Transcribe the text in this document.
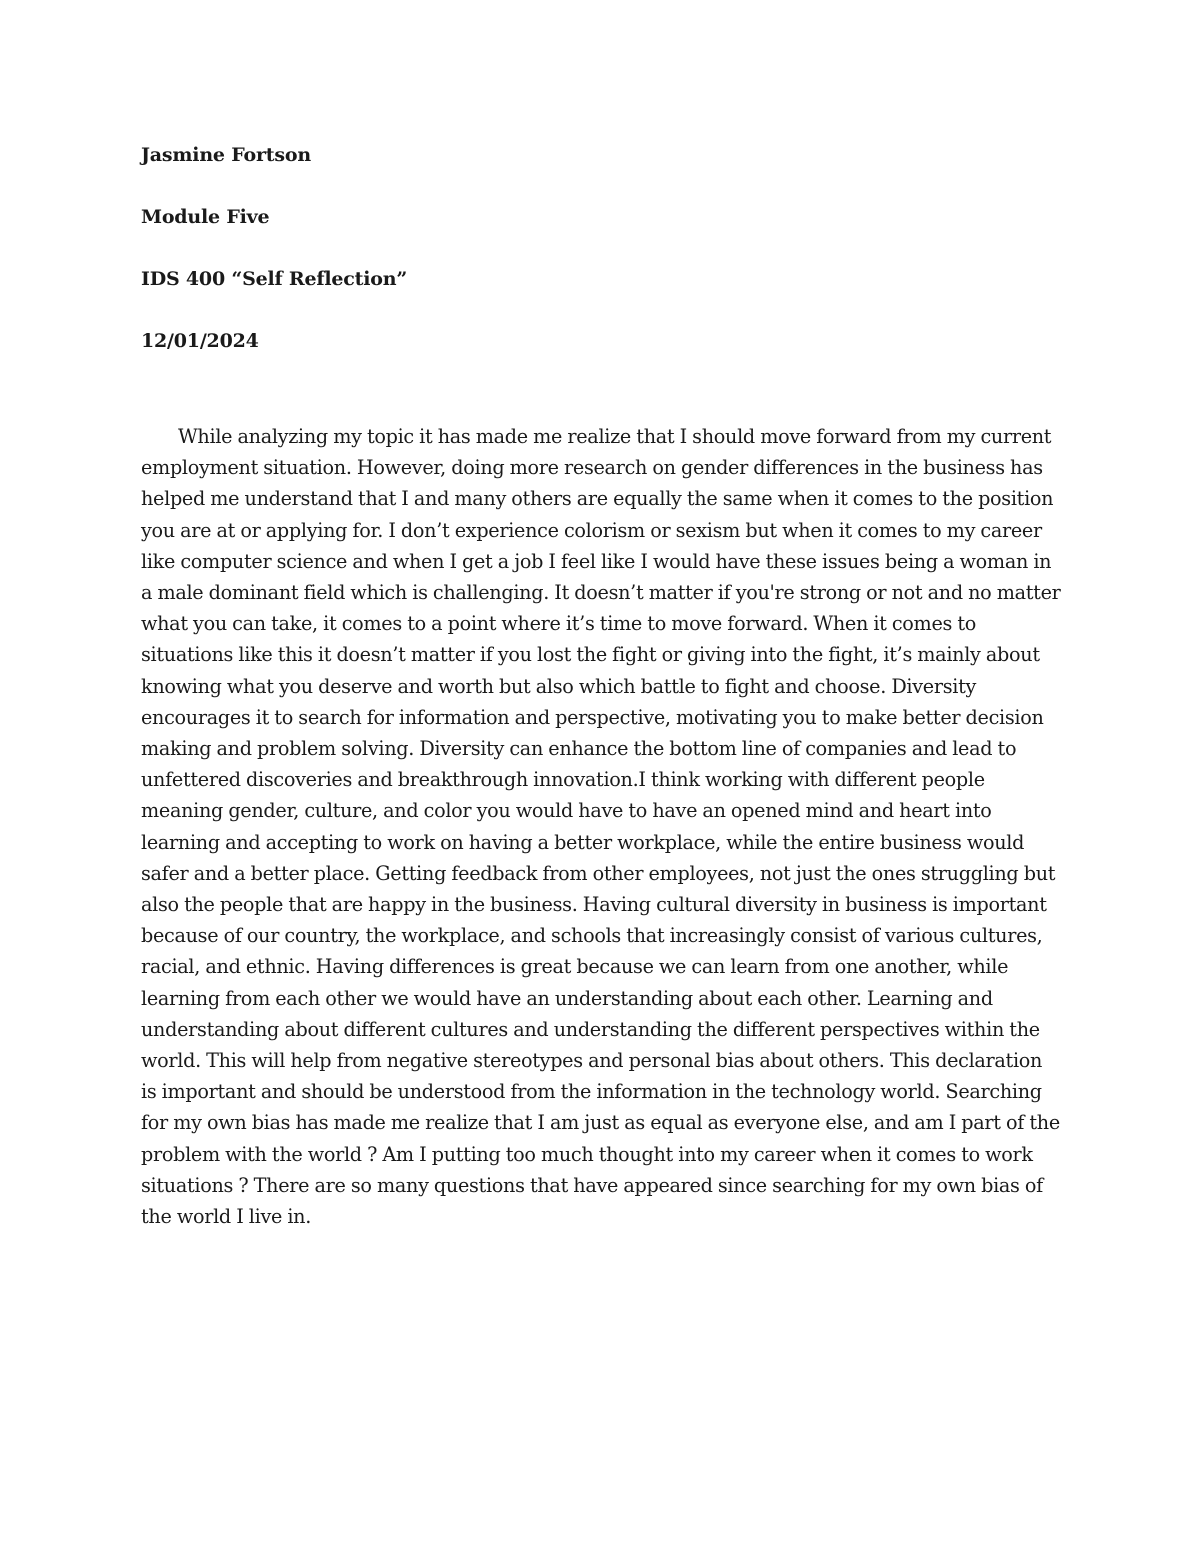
Jasmine Fortson

Module Five

IDS 400 “Self Reflection”

12/01/2024

While analyzing my topic it has made me realize that I should move forward from my current employment situation. However, doing more research on gender differences in the business has helped me understand that I and many others are equally the same when it comes to the position you are at or applying for. I don’t experience colorism or sexism but when it comes to my career like computer science and when I get a job I feel like I would have these issues being a woman in a male dominant field which is challenging. It doesn’t matter if you're strong or not and no matter what you can take, it comes to a point where it’s time to move forward. When it comes to situations like this it doesn’t matter if you lost the fight or giving into the fight, it’s mainly about knowing what you deserve and worth but also which battle to fight and choose. Diversity encourages it to search for information and perspective, motivating you to make better decision making and problem solving. Diversity can enhance the bottom line of companies and lead to unfettered discoveries and breakthrough innovation.I think working with different people meaning gender, culture, and color you would have to have an opened mind and heart into learning and accepting to work on having a better workplace, while the entire business would safer and a better place. Getting feedback from other employees, not just the ones struggling but also the people that are happy in the business. Having cultural diversity in business is important because of our country, the workplace, and schools that increasingly consist of various cultures, racial, and ethnic. Having differences is great because we can learn from one another, while learning from each other we would have an understanding about each other. Learning and understanding about different cultures and understanding the different perspectives within the world. This will help from negative stereotypes and personal bias about others. This declaration is important and should be understood from the information in the technology world. Searching for my own bias has made me realize that I am just as equal as everyone else, and am I part of the problem with the world ? Am I putting too much thought into my career when it comes to work situations ? There are so many questions that have appeared since searching for my own bias of the world I live in.
